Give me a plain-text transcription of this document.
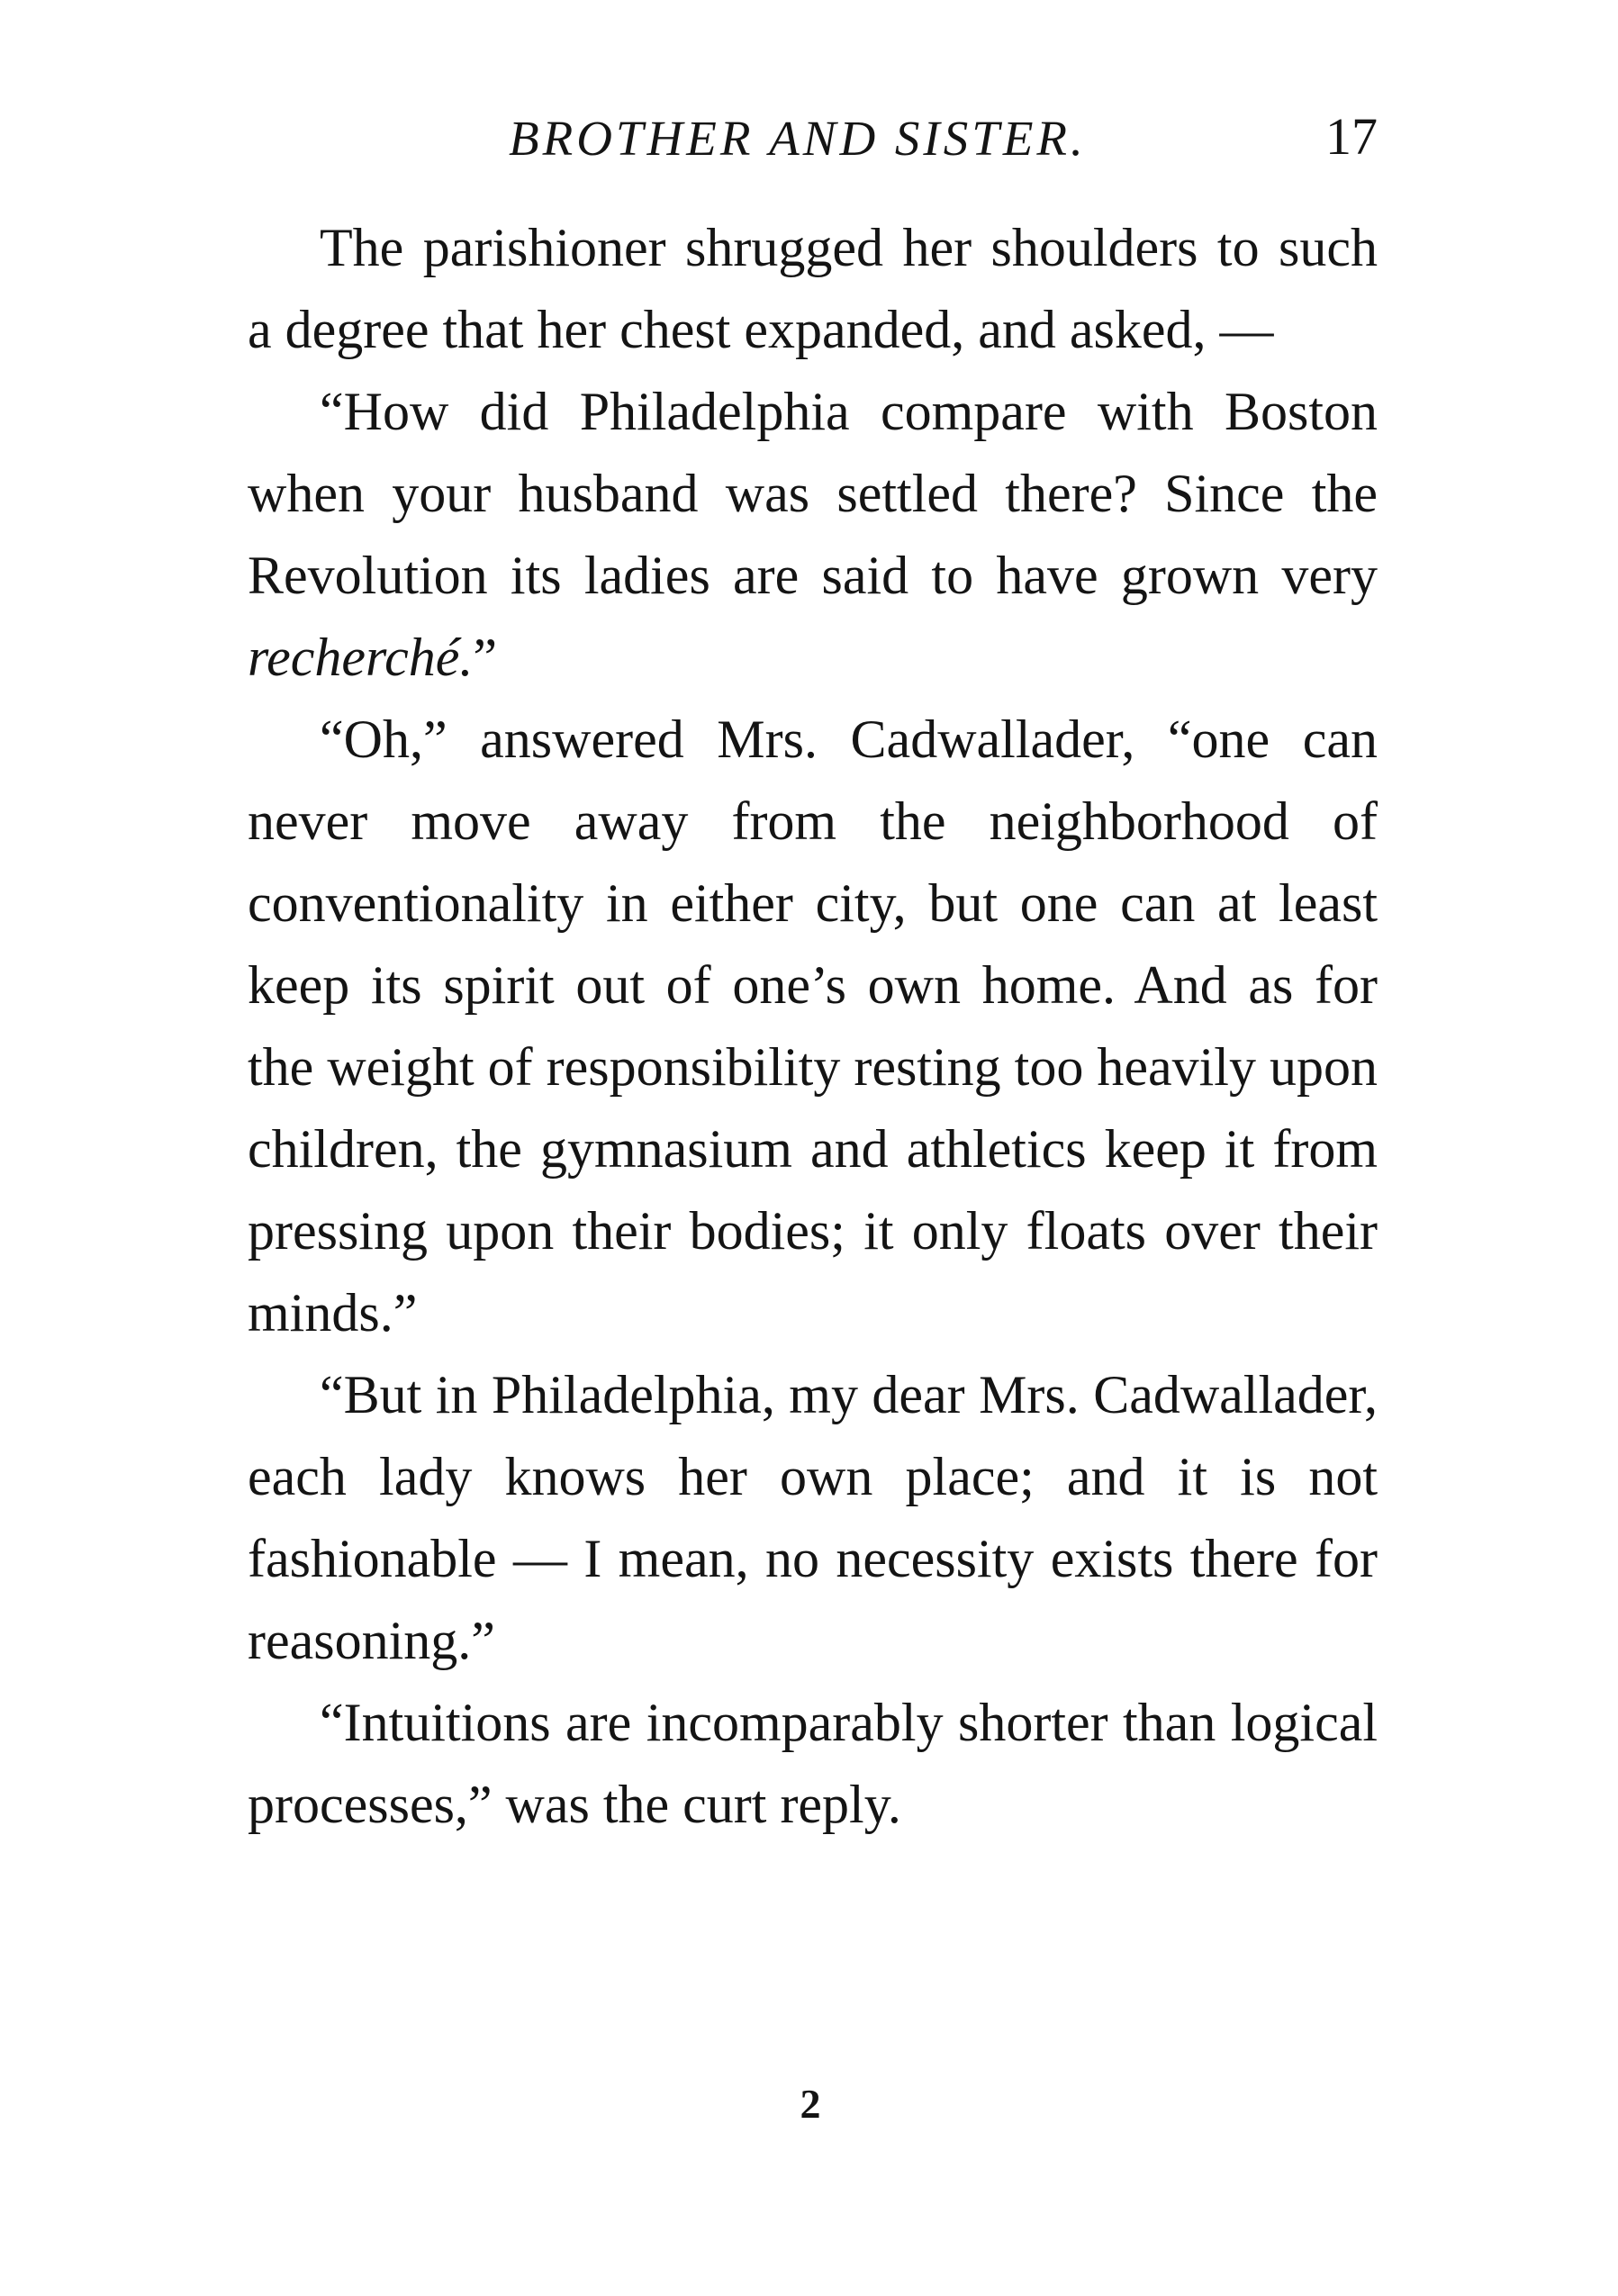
BROTHER AND SISTER.	17

The parishioner shrugged her shoulders to such a degree that her chest expanded, and asked, —

“How did Philadelphia compare with Boston when your husband was settled there? Since the Revolution its ladies are said to have grown very recherché.”

“Oh,” answered Mrs. Cadwallader, “one can never move away from the neighborhood of conventionality in either city, but one can at least keep its spirit out of one’s own home. And as for the weight of responsibility resting too heavily upon children, the gymnasium and athletics keep it from pressing upon their bodies; it only floats over their minds.”

“But in Philadelphia, my dear Mrs. Cadwallader, each lady knows her own place; and it is not fashionable — I mean, no necessity exists there for reasoning.”

“Intuitions are incomparably shorter than logical processes,” was the curt reply.

2
